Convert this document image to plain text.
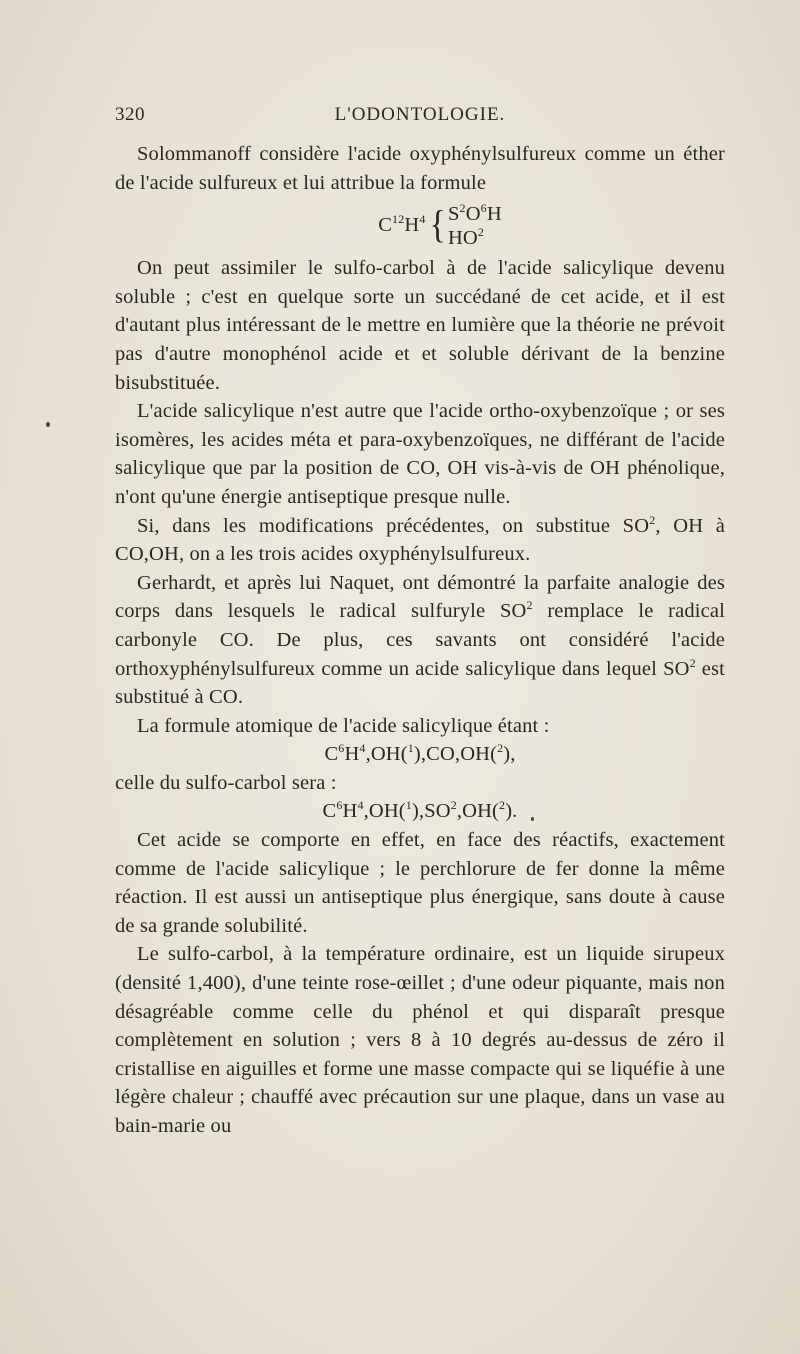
320	L'ODONTOLOGIE.

Solommanoff considère l'acide oxyphénylsulfureux comme un éther de l'acide sulfureux et lui attribue la formule

$C^{12}H^4$ { $S^2O^6H$
$HO^2$

On peut assimiler le sulfo-carbol à de l'acide salicylique devenu soluble ; c'est en quelque sorte un succédané de cet acide, et il est d'autant plus intéressant de le mettre en lumière que la théorie ne prévoit pas d'autre monophénol acide et et soluble dérivant de la benzine bisubstituée.

L'acide salicylique n'est autre que l'acide ortho-oxybenzoïque ; or ses isomères, les acides méta et para-oxybenzoïques, ne différant de l'acide salicylique que par la position de CO, OH vis-à-vis de OH phénolique, n'ont qu'une énergie antiseptique presque nulle.

Si, dans les modifications précédentes, on substitue $SO^2$, OH à CO,OH, on a les trois acides oxyphénylsulfureux.

Gerhardt, et après lui Naquet, ont démontré la parfaite analogie des corps dans lesquels le radical sulfuryle $SO^2$ remplace le radical carbonyle CO. De plus, ces savants ont considéré l'acide orthoxyphénylsulfureux comme un acide salicylique dans lequel $SO^2$ est substitué à CO.

La formule atomique de l'acide salicylique étant :

$C^6H^4,OH(^1),CO,OH(^2)$,

celle du sulfo-carbol sera :

$C^6H^4,OH(^1),SO^2,OH(^2)$.

Cet acide se comporte en effet, en face des réactifs, exactement comme de l'acide salicylique ; le perchlorure de fer donne la même réaction. Il est aussi un antiseptique plus énergique, sans doute à cause de sa grande solubilité.

Le sulfo-carbol, à la température ordinaire, est un liquide sirupeux (densité 1,400), d'une teinte rose-œillet ; d'une odeur piquante, mais non désagréable comme celle du phénol et qui disparaît presque complètement en solution ; vers 8 à 10 degrés au-dessus de zéro il cristallise en aiguilles et forme une masse compacte qui se liquéfie à une légère chaleur ; chauffé avec précaution sur une plaque, dans un vase au bain-marie ou
